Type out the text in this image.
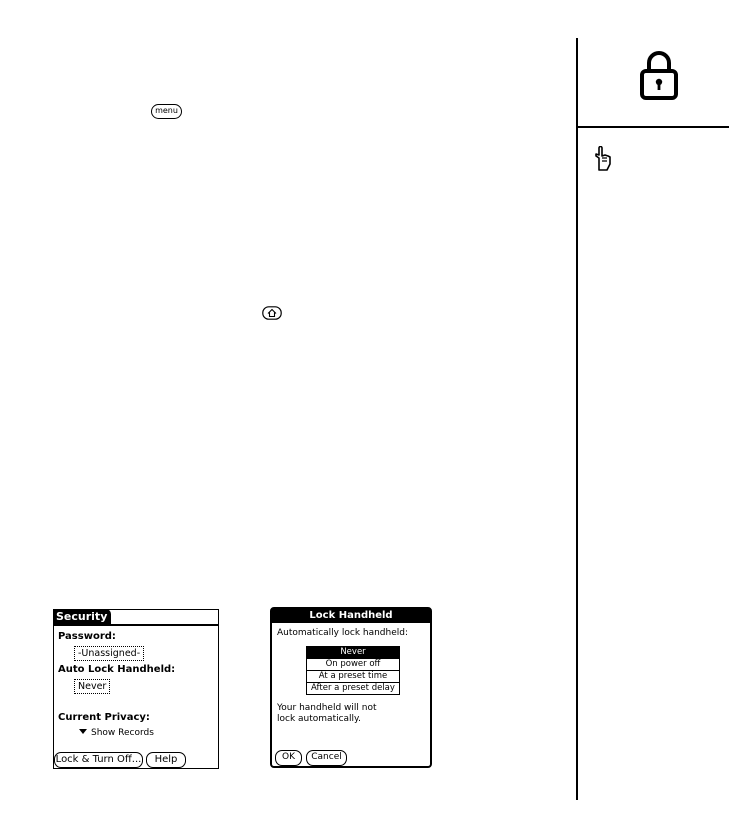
menu
Security
Password:
-Unassigned-
Auto Lock Handheld:
Never
Current Privacy:
Show Records
Lock & Turn Off...	Help
Lock Handheld
Automatically lock handheld:
Never
On power off
At a preset time
After a preset delay
Your handheld will not lock automatically.
OK	Cancel
